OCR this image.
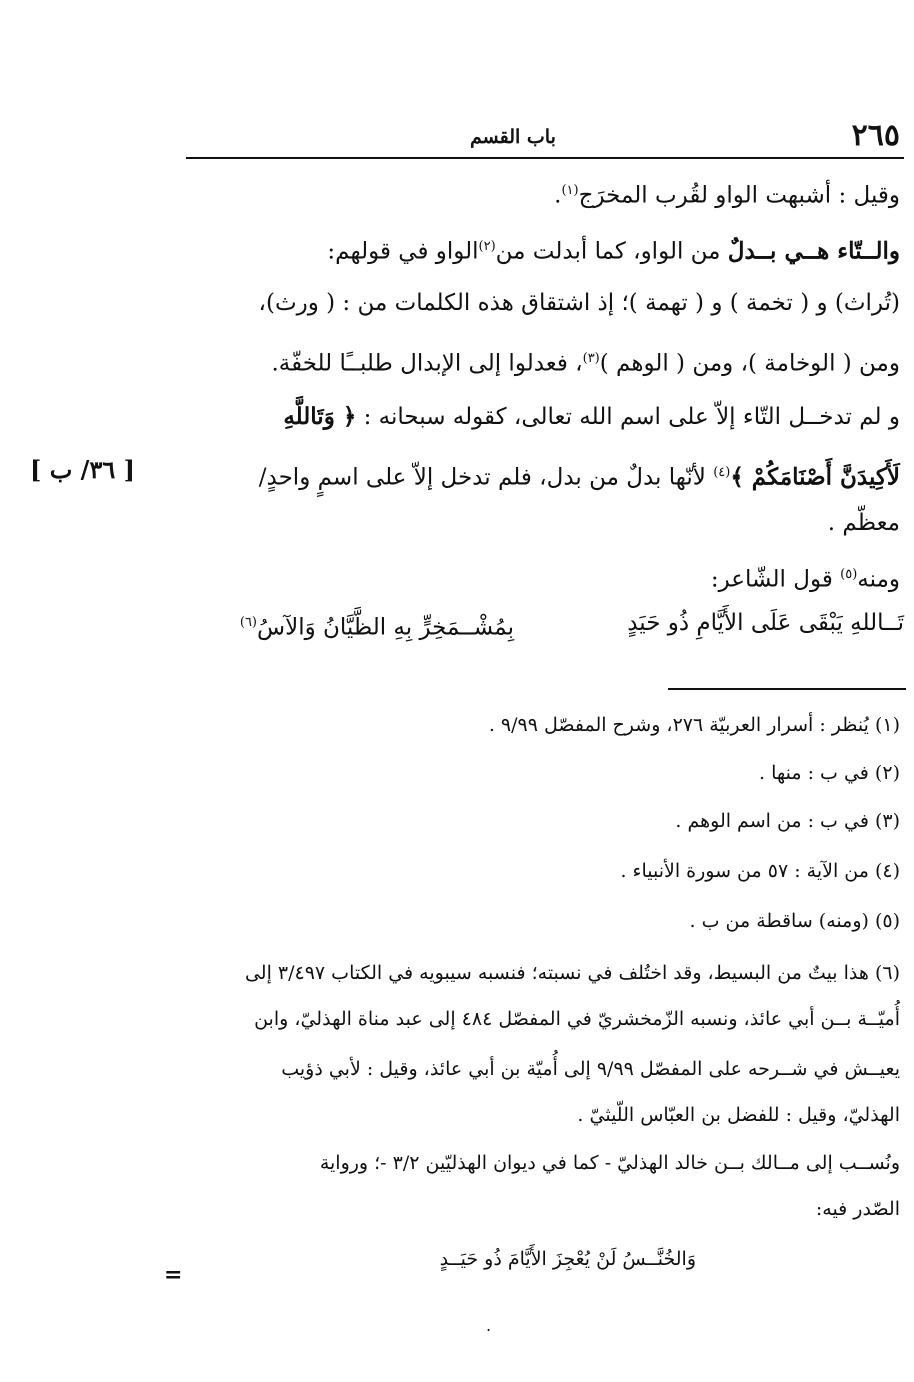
٢٦٥
باب القسم
وقيل : أشبهت الواو لقُرب المخرَج$^{(١)}$.
والــتّاء هــي بــدلٌ من الواو، كما أبدلت من$^{(٢)}$الواو في قولهم:
(تُراث) و ( تخمة ) و ( تهمة )؛ إذ اشتقاق هذه الكلمات من : ( ورث)،
ومن ( الوخامة )، ومن ( الوهم )$^{(٣)}$، فعدلوا إلى الإبدال طلبــًا للخفّة.
و لم تدخــل التّاء إلاّ على اسم الله تعالى، كقوله سبحانه : ﴿ وَتَاللَّهِ
لَأَكِيدَنَّ أَصْنَامَكُمْ ﴾$^{(٤)}$ لأنّها بدلٌ من بدل، فلم تدخل إلاّ على اسمٍ واحدٍ/
[ ٣٦/ ب ]
معظّم .
ومنه$^{(٥)}$ قول الشّاعر:
تَــاللهِ يَبْقَى عَلَى الأَيَّامِ ذُو حَيَدٍ
بِمُشْــمَخِرٍّ بِهِ الظَّيَّانُ وَالآسُ$^{(٦)}$
(١) يُنظر : أسرار العربيّة ٢٧٦، وشرح المفصّل ٩/٩٩ .
(٢) في ب : منها .
(٣) في ب : من اسم الوهم .
(٤) من الآية : ٥٧ من سورة الأنبياء .
(٥) (ومنه) ساقطة من ب .
(٦) هذا بيتٌ من البسيط، وقد اختُلف في نسبته؛ فنسبه سيبويه في الكتاب ٣/٤٩٧ إلى
أُميّــة بــن أبي عائذ، ونسبه الزّمخشريّ في المفصّل ٤٨٤ إلى عبد مناة الهذليّ، وابن
يعيــش في شــرحه على المفصّل ٩/٩٩ إلى أُميّة بن أبي عائذ، وقيل : لأبي ذؤيب
الهذليّ، وقيل : للفضل بن العبّاس اللّيثيّ .
ونُســب إلى مــالك بــن خالد الهذليّ - كما في ديوان الهذليّين ٣/٢ -؛ ورواية
الصّدر فيه:
وَالخُنَّــسُ لَنْ يُعْجِزَ الأَيَّامَ ذُو حَيَــدٍ
=
.
